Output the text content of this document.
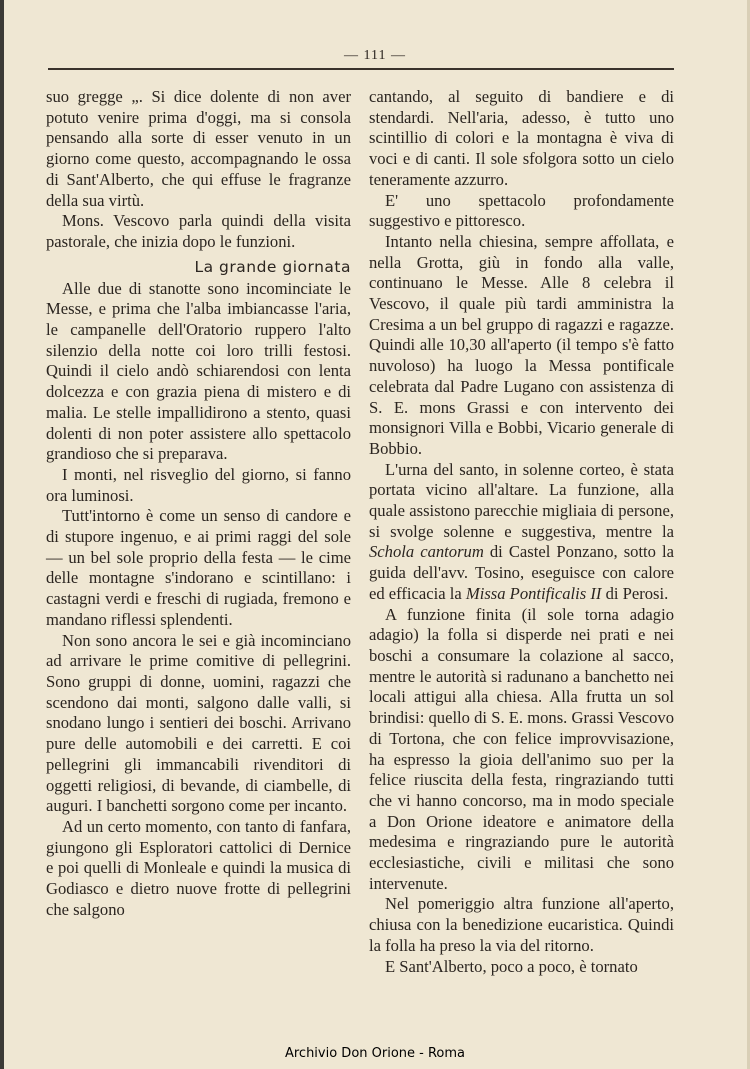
— 111 —

suo gregge „. Si dice dolente di non aver potuto venire prima d'oggi, ma si consola pensando alla sorte di esser venuto in un giorno come questo, accompagnando le ossa di Sant'Alberto, che qui effuse le fragranze della sua virtù.

Mons. Vescovo parla quindi della visita pastorale, che inizia dopo le funzioni.

La grande giornata

Alle due di stanotte sono incominciate le Messe, e prima che l'alba imbiancasse l'aria, le campanelle dell'Oratorio ruppero l'alto silenzio della notte coi loro trilli festosi. Quindi il cielo andò schiarendosi con lenta dolcezza e con grazia piena di mistero e di malia. Le stelle impallidirono a stento, quasi dolenti di non poter assistere allo spettacolo grandioso che si preparava.

I monti, nel risveglio del giorno, si fanno ora luminosi.

Tutt'intorno è come un senso di candore e di stupore ingenuo, e ai primi raggi del sole — un bel sole proprio della festa — le cime delle montagne s'indorano e scintillano: i castagni verdi e freschi di rugiada, fremono e mandano riflessi splendenti.

Non sono ancora le sei e già incominciano ad arrivare le prime comitive di pellegrini. Sono gruppi di donne, uomini, ragazzi che scendono dai monti, salgono dalle valli, si snodano lungo i sentieri dei boschi. Arrivano pure delle automobili e dei carretti. E coi pellegrini gli immancabili rivenditori di oggetti religiosi, di bevande, di ciambelle, di auguri. I banchetti sorgono come per incanto.

Ad un certo momento, con tanto di fanfara, giungono gli Esploratori cattolici di Dernice e poi quelli di Monleale e quindi la musica di Godiasco e dietro nuove frotte di pellegrini che salgono

cantando, al seguito di bandiere e di stendardi. Nell'aria, adesso, è tutto uno scintillio di colori e la montagna è viva di voci e di canti. Il sole sfolgora sotto un cielo teneramente azzurro.

E' uno spettacolo profondamente suggestivo e pittoresco.

Intanto nella chiesina, sempre affollata, e nella Grotta, giù in fondo alla valle, continuano le Messe. Alle 8 celebra il Vescovo, il quale più tardi amministra la Cresima a un bel gruppo di ragazzi e ragazze. Quindi alle 10,30 all'aperto (il tempo s'è fatto nuvoloso) ha luogo la Messa pontificale celebrata dal Padre Lugano con assistenza di S. E. mons Grassi e con intervento dei monsignori Villa e Bobbi, Vicario generale di Bobbio.

L'urna del santo, in solenne corteo, è stata portata vicino all'altare. La funzione, alla quale assistono parecchie migliaia di persone, si svolge solenne e suggestiva, mentre la Schola cantorum di Castel Ponzano, sotto la guida dell'avv. Tosino, eseguisce con calore ed efficacia la Missa Pontificalis II di Perosi.

A funzione finita (il sole torna adagio adagio) la folla si disperde nei prati e nei boschi a consumare la colazione al sacco, mentre le autorità si radunano a banchetto nei locali attigui alla chiesa. Alla frutta un sol brindisi: quello di S. E. mons. Grassi Vescovo di Tortona, che con felice improvvisazione, ha espresso la gioia dell'animo suo per la felice riuscita della festa, ringraziando tutti che vi hanno concorso, ma in modo speciale a Don Orione ideatore e animatore della medesima e ringraziando pure le autorità ecclesiastiche, civili e militasi che sono intervenute.

Nel pomeriggio altra funzione all'aperto, chiusa con la benedizione eucaristica. Quindi la folla ha preso la via del ritorno.

E Sant'Alberto, poco a poco, è tornato

Archivio Don Orione - Roma
